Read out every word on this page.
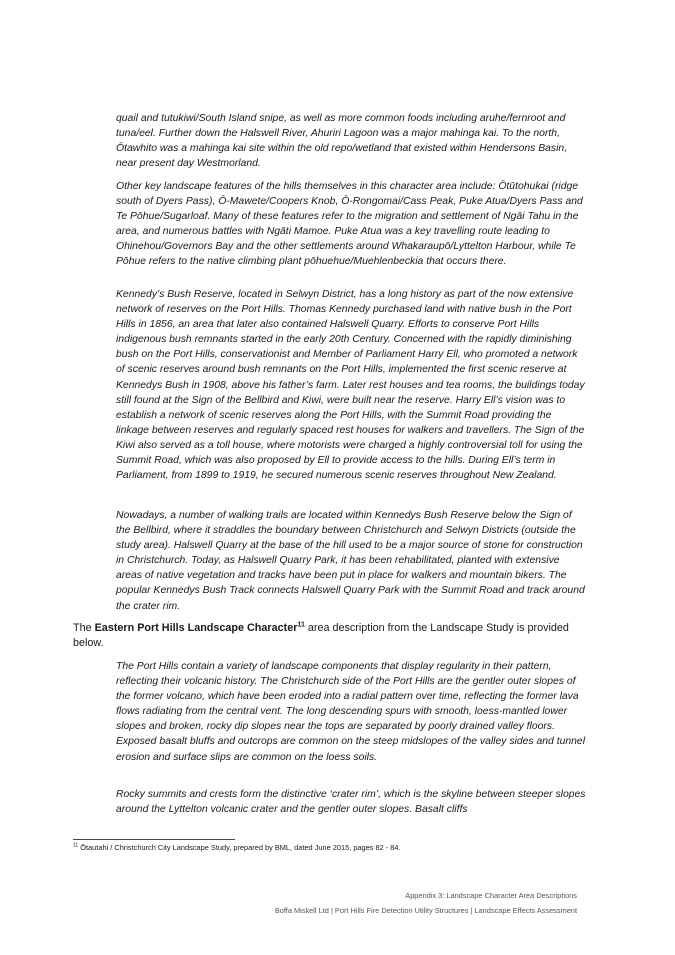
quail and tutukiwi/South Island snipe, as well as more common foods including aruhe/fernroot and tuna/eel. Further down the Halswell River, Ahuriri Lagoon was a major mahinga kai. To the north, Ōtawhito was a mahinga kai site within the old repo/wetland that existed within Hendersons Basin, near present day Westmorland.

Other key landscape features of the hills themselves in this character area include: Ōtūtohukai (ridge south of Dyers Pass), Ō-Mawete/Coopers Knob, Ō-Rongomai/Cass Peak, Puke Atua/Dyers Pass and Te Pōhue/Sugarloaf. Many of these features refer to the migration and settlement of Ngāi Tahu in the area, and numerous battles with Ngāti Mamoe. Puke Atua was a key travelling route leading to Ohinehou/Governors Bay and the other settlements around Whakaraupō/Lyttelton Harbour, while Te Pōhue refers to the native climbing plant pōhuehue/Muehlenbeckia that occurs there.

Kennedy’s Bush Reserve, located in Selwyn District, has a long history as part of the now extensive network of reserves on the Port Hills. Thomas Kennedy purchased land with native bush in the Port Hills in 1856, an area that later also contained Halswell Quarry. Efforts to conserve Port Hills indigenous bush remnants started in the early 20th Century. Concerned with the rapidly diminishing bush on the Port Hills, conservationist and Member of Parliament Harry Ell, who promoted a network of scenic reserves around bush remnants on the Port Hills, implemented the first scenic reserve at Kennedys Bush in 1908, above his father’s farm. Later rest houses and tea rooms, the buildings today still found at the Sign of the Bellbird and Kiwi, were built near the reserve. Harry Ell’s vision was to establish a network of scenic reserves along the Port Hills, with the Summit Road providing the linkage between reserves and regularly spaced rest houses for walkers and travellers. The Sign of the Kiwi also served as a toll house, where motorists were charged a highly controversial toll for using the Summit Road, which was also proposed by Ell to provide access to the hills. During Ell’s term in Parliament, from 1899 to 1919, he secured numerous scenic reserves throughout New Zealand.

Nowadays, a number of walking trails are located within Kennedys Bush Reserve below the Sign of the Bellbird, where it straddles the boundary between Christchurch and Selwyn Districts (outside the study area). Halswell Quarry at the base of the hill used to be a major source of stone for construction in Christchurch. Today, as Halswell Quarry Park, it has been rehabilitated, planted with extensive areas of native vegetation and tracks have been put in place for walkers and mountain bikers. The popular Kennedys Bush Track connects Halswell Quarry Park with the Summit Road and track around the crater rim.

The Eastern Port Hills Landscape Character$^{11}$ area description from the Landscape Study is provided below.

The Port Hills contain a variety of landscape components that display regularity in their pattern, reflecting their volcanic history. The Christchurch side of the Port Hills are the gentler outer slopes of the former volcano, which have been eroded into a radial pattern over time, reflecting the former lava flows radiating from the central vent. The long descending spurs with smooth, loess-mantled lower slopes and broken, rocky dip slopes near the tops are separated by poorly drained valley floors. Exposed basalt bluffs and outcrops are common on the steep midslopes of the valley sides and tunnel erosion and surface slips are common on the loess soils.

Rocky summits and crests form the distinctive ‘crater rim’, which is the skyline between steeper slopes around the Lyttelton volcanic crater and the gentler outer slopes. Basalt cliffs

$^{11}$ Ōtautahi / Christchurch City Landscape Study, prepared by BML, dated June 2015, pages 82 - 84.

Appendix 3: Landscape Character Area Descriptions

Boffa Miskell Ltd | Port Hills Fire Detection Utility Structures | Landscape Effects Assessment
